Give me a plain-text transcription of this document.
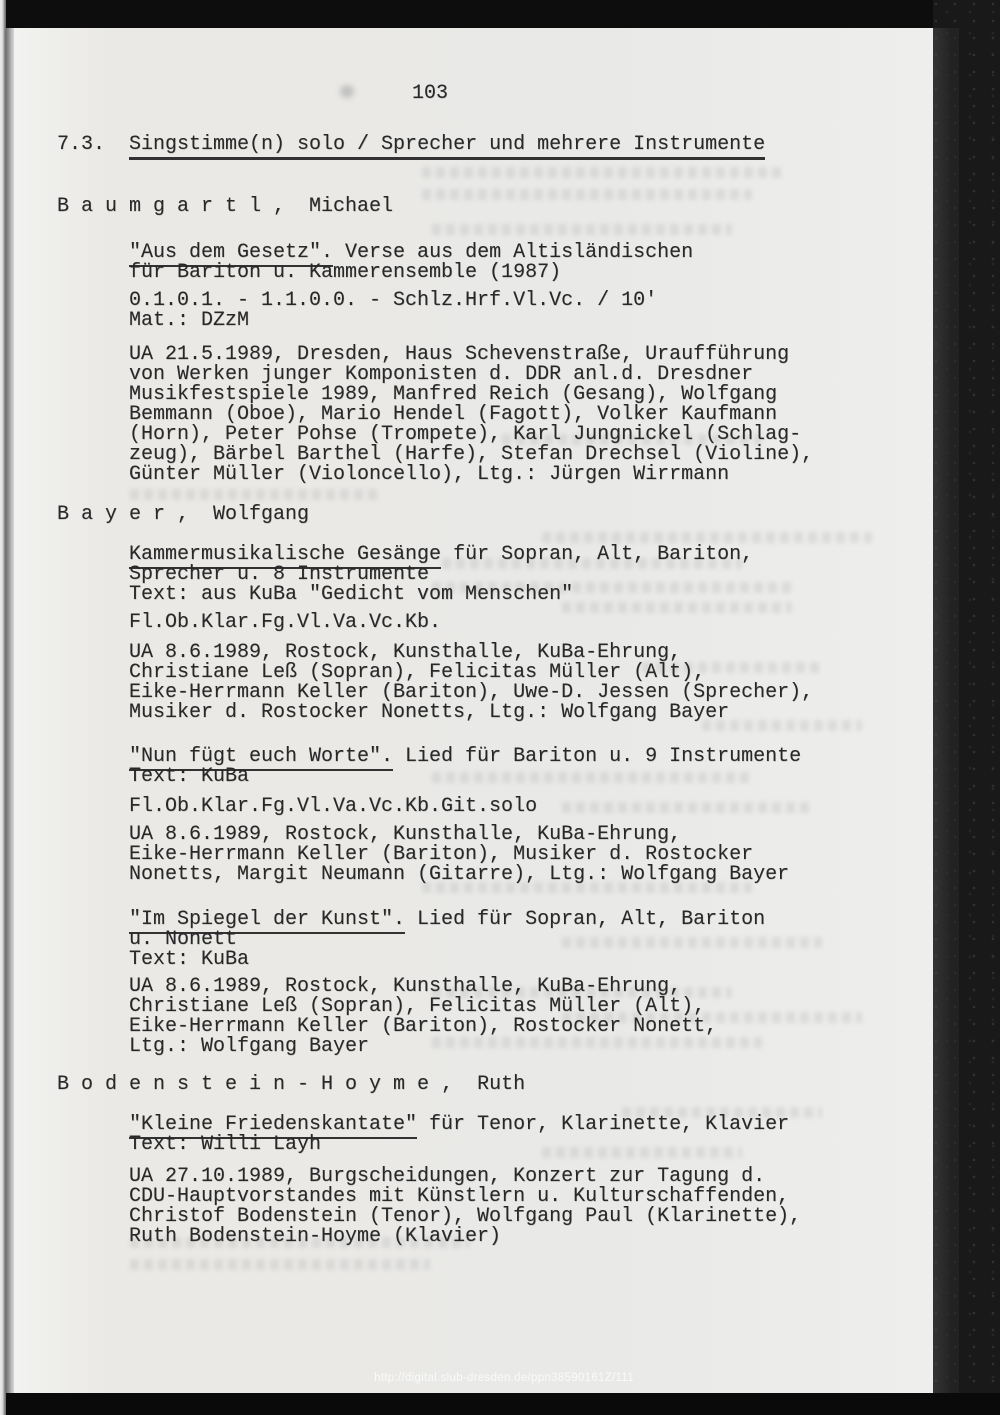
103
7.3. Singstimme(n) solo / Sprecher und mehrere Instrumente
B a u m g a r t l ,  Michael
"Aus dem Gesetz". Verse aus dem Altisländischen
für Bariton u. Kammerensemble (1987)
0.1.0.1. - 1.1.0.0. - Schlz.Hrf.Vl.Vc. / 10'
Mat.: DZzM
UA 21.5.1989, Dresden, Haus Schevenstraße, Uraufführung
von Werken junger Komponisten d. DDR anl.d. Dresdner
Musikfestspiele 1989, Manfred Reich (Gesang), Wolfgang
Bemmann (Oboe), Mario Hendel (Fagott), Volker Kaufmann
(Horn), Peter Pohse (Trompete), Karl Jungnickel (Schlag-
zeug), Bärbel Barthel (Harfe), Stefan Drechsel (Violine),
Günter Müller (Violoncello), Ltg.: Jürgen Wirrmann
B a y e r ,  Wolfgang
Kammermusikalische Gesänge für Sopran, Alt, Bariton,
Sprecher u. 8 Instrumente
Text: aus KuBa "Gedicht vom Menschen"
Fl.Ob.Klar.Fg.Vl.Va.Vc.Kb.
UA 8.6.1989, Rostock, Kunsthalle, KuBa-Ehrung,
Christiane Leß (Sopran), Felicitas Müller (Alt),
Eike-Herrmann Keller (Bariton), Uwe-D. Jessen (Sprecher),
Musiker d. Rostocker Nonetts, Ltg.: Wolfgang Bayer
"Nun fügt euch Worte". Lied für Bariton u. 9 Instrumente
Text: KuBa
Fl.Ob.Klar.Fg.Vl.Va.Vc.Kb.Git.solo
UA 8.6.1989, Rostock, Kunsthalle, KuBa-Ehrung,
Eike-Herrmann Keller (Bariton), Musiker d. Rostocker
Nonetts, Margit Neumann (Gitarre), Ltg.: Wolfgang Bayer
"Im Spiegel der Kunst". Lied für Sopran, Alt, Bariton
u. Nonett
Text: KuBa
UA 8.6.1989, Rostock, Kunsthalle, KuBa-Ehrung,
Christiane Leß (Sopran), Felicitas Müller (Alt),
Eike-Herrmann Keller (Bariton), Rostocker Nonett,
Ltg.: Wolfgang Bayer
B o d e n s t e i n - H o y m e ,  Ruth
"Kleine Friedenskantate" für Tenor, Klarinette, Klavier
Text: Willi Layh
UA 27.10.1989, Burgscheidungen, Konzert zur Tagung d.
CDU-Hauptvorstandes mit Künstlern u. Kulturschaffenden,
Christof Bodenstein (Tenor), Wolfgang Paul (Klarinette),
Ruth Bodenstein-Hoyme (Klavier)
http://digital.slub-dresden.de/ppn38590161Z/111
